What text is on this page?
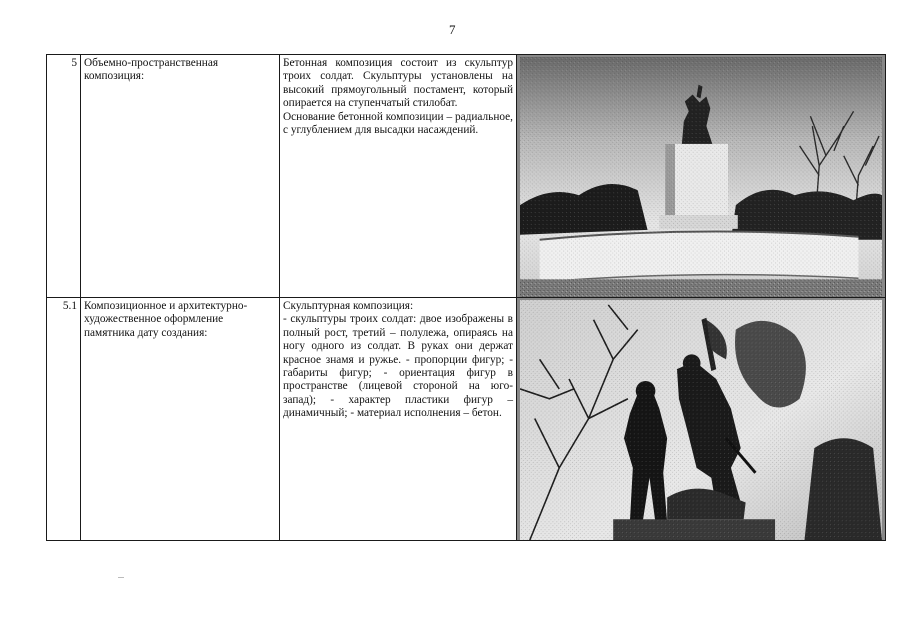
7
5	Объемно-пространственная композиция:	Бетонная композиция состоит из скульптур троих солдат. Скульптуры установлены на высокий прямоугольный постамент, который опирается на ступенчатый стилобат.

Основание бетонной композиции – радиальное, с углублением для высадки насаждений.

5.1	Композиционное и архитектурно-художественное оформление памятника дату создания:	Скульптурная композиция:

- скульптуры троих солдат: двое изображены в полный рост, третий – полулежа, опираясь на ногу одного из солдат. В руках они держат красное знамя и ружье. - пропорции фигур; - габариты фигур; - ориентация фигур в пространстве (лицевой стороной на юго-запад); - характер пластики фигур – динамичный; - материал исполнения – бетон.
